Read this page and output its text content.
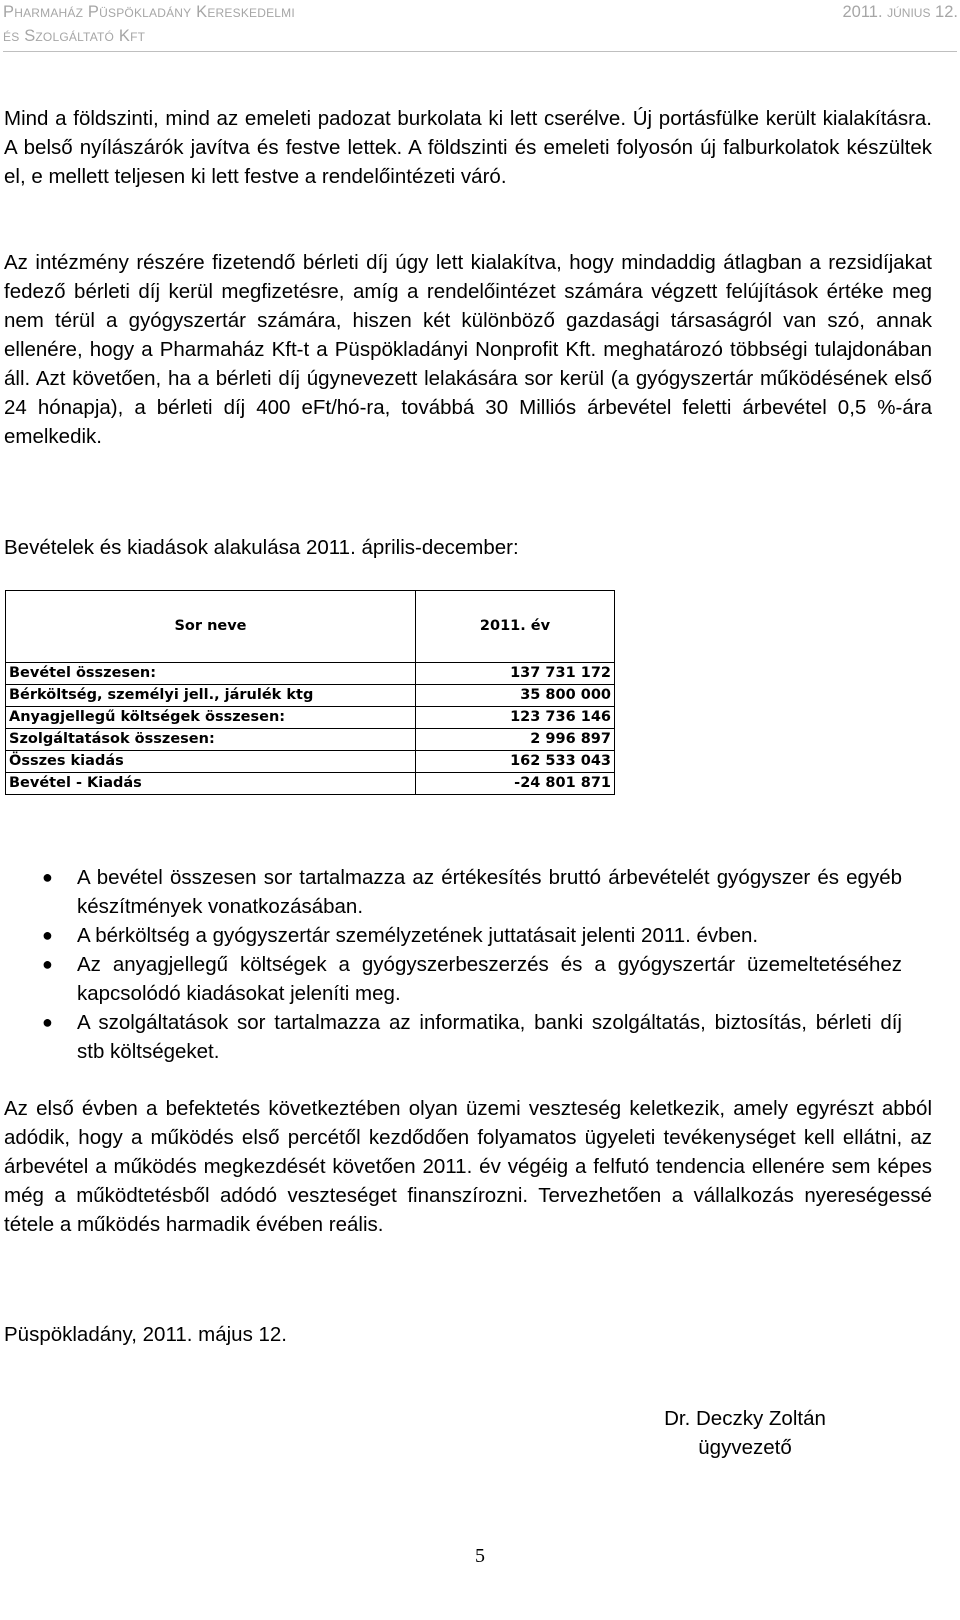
Pharmaház Püspökladány Kereskedelmi
és Szolgáltató Kft
2011. június 12.

Mind a földszinti, mind az emeleti padozat burkolata ki lett cserélve. Új portásfülke került kialakításra. A belső nyílászárók javítva és festve lettek. A földszinti és emeleti folyosón új falburkolatok készültek el, e mellett teljesen ki lett festve a rendelőintézeti váró.

Az intézmény részére fizetendő bérleti díj úgy lett kialakítva, hogy mindaddig átlagban a rezsidíjakat fedező bérleti díj kerül megfizetésre, amíg a rendelőintézet számára végzett felújítások értéke meg nem térül a gyógyszertár számára, hiszen két különböző gazdasági társaságról van szó, annak ellenére, hogy a Pharmaház Kft-t a Püspökladányi Nonprofit Kft. meghatározó többségi tulajdonában áll. Azt követően, ha a bérleti díj úgynevezett lelakására sor kerül (a gyógyszertár működésének első 24 hónapja), a bérleti díj 400 eFt/hó-ra, továbbá 30 Milliós árbevétel feletti árbevétel 0,5 %-ára emelkedik.

Bevételek és kiadások alakulása 2011. április-december:

Sor neve	2011. év
Bevétel összesen:	137 731 172
Bérköltség, személyi jell., járulék ktg	35 800 000
Anyagjellegű költségek összesen:	123 736 146
Szolgáltatások összesen:	2 996 897
Összes kiadás	162 533 043
Bevétel - Kiadás	-24 801 871
● A bevétel összesen sor tartalmazza az értékesítés bruttó árbevételét gyógyszer és egyéb készítmények vonatkozásában.
● A bérköltség a gyógyszertár személyzetének juttatásait jelenti 2011. évben.
● Az anyagjellegű költségek a gyógyszerbeszerzés és a gyógyszertár üzemeltetéséhez kapcsolódó kiadásokat jeleníti meg.
● A szolgáltatások sor tartalmazza az informatika, banki szolgáltatás, biztosítás, bérleti díj stb költségeket.

Az első évben a befektetés következtében olyan üzemi veszteség keletkezik, amely egyrészt abból adódik, hogy a működés első percétől kezdődően folyamatos ügyeleti tevékenységet kell ellátni, az árbevétel a működés megkezdését követően 2011. év végéig a felfutó tendencia ellenére sem képes még a működtetésből adódó veszteséget finanszírozni. Tervezhetően a vállalkozás nyereségessé tétele a működés harmadik évében reális.

Püspökladány, 2011. május 12.
Dr. Deczky Zoltán
ügyvezető
5
